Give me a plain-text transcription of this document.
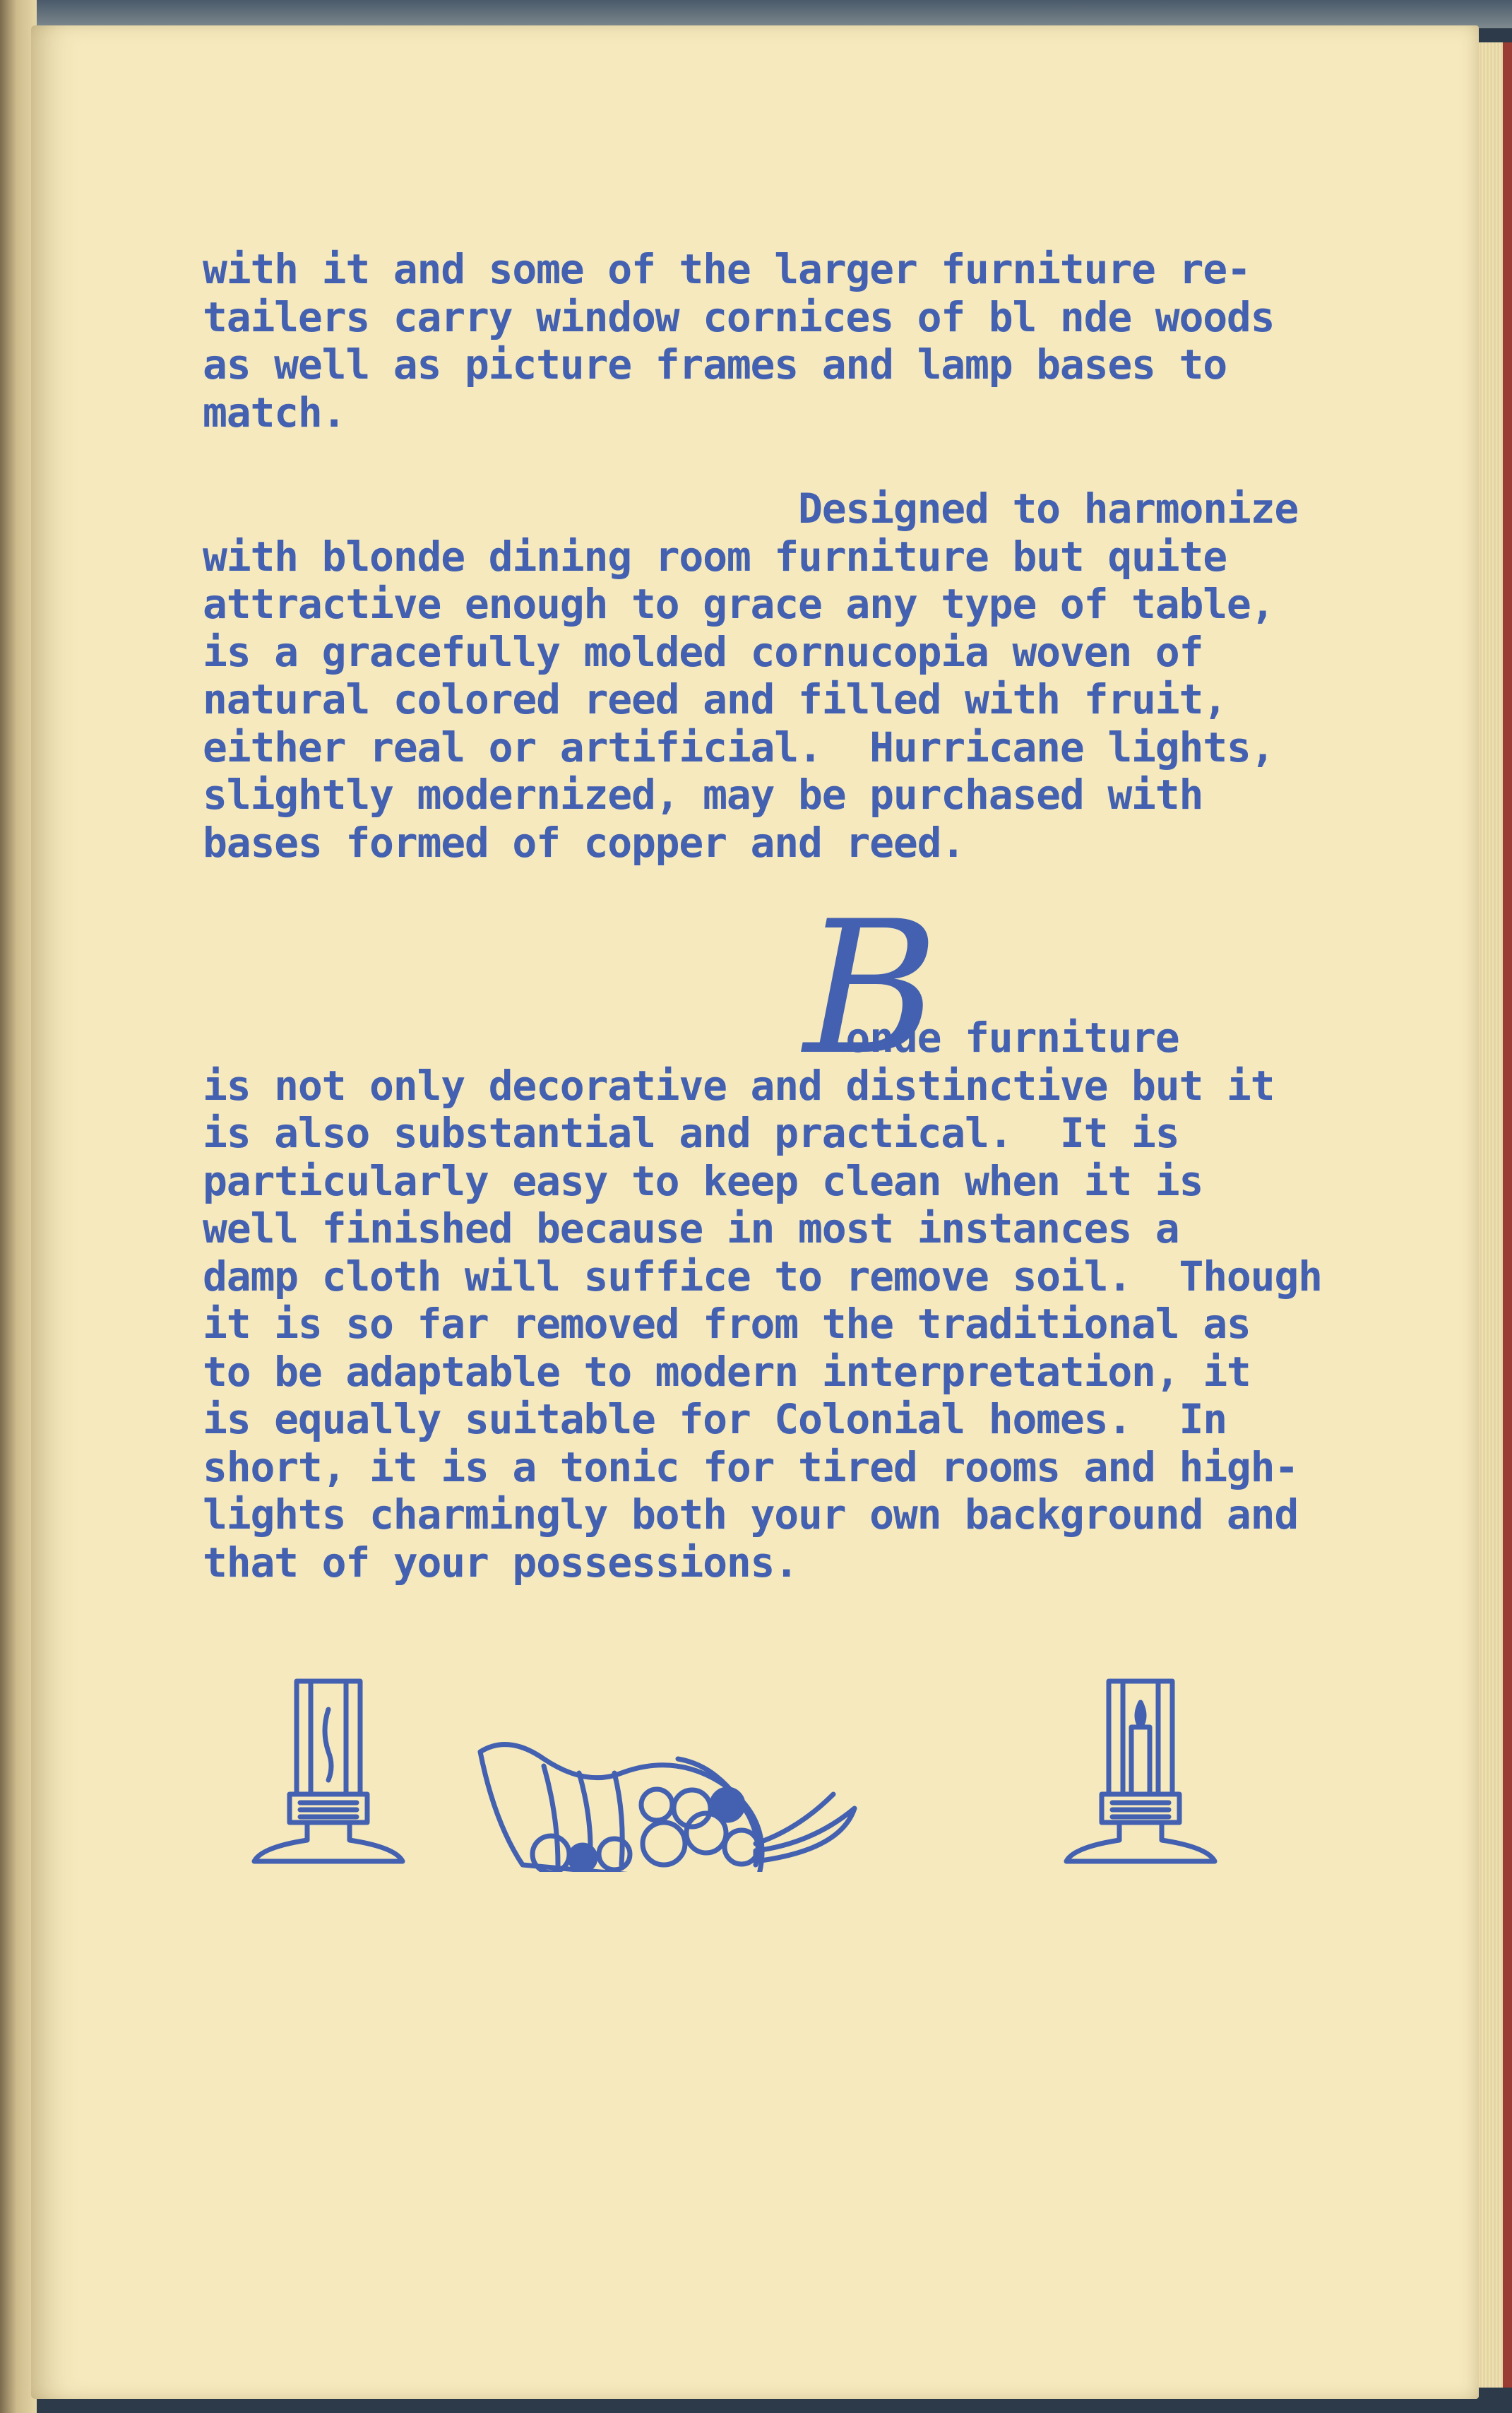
with it and some of the larger furniture re-
tailers carry window cornices of bl nde woods
as well as picture frames and lamp bases to
match.

Designed to harmonize
with blonde dining room furniture but quite
attractive enough to grace any type of table,
is a gracefully molded cornucopia woven of
natural colored reed and filled with fruit,
either real or artificial.  Hurricane lights,
slightly modernized, may be purchased with
bases formed of copper and reed.

B

londe furniture
is not only decorative and distinctive but it
is also substantial and practical.  It is
particularly easy to keep clean when it is
well finished because in most instances a
damp cloth will suffice to remove soil.  Though
it is so far removed from the traditional as
to be adaptable to modern interpretation, it
is equally suitable for Colonial homes.  In
short, it is a tonic for tired rooms and high-
lights charmingly both your own background and
that of your possessions.
